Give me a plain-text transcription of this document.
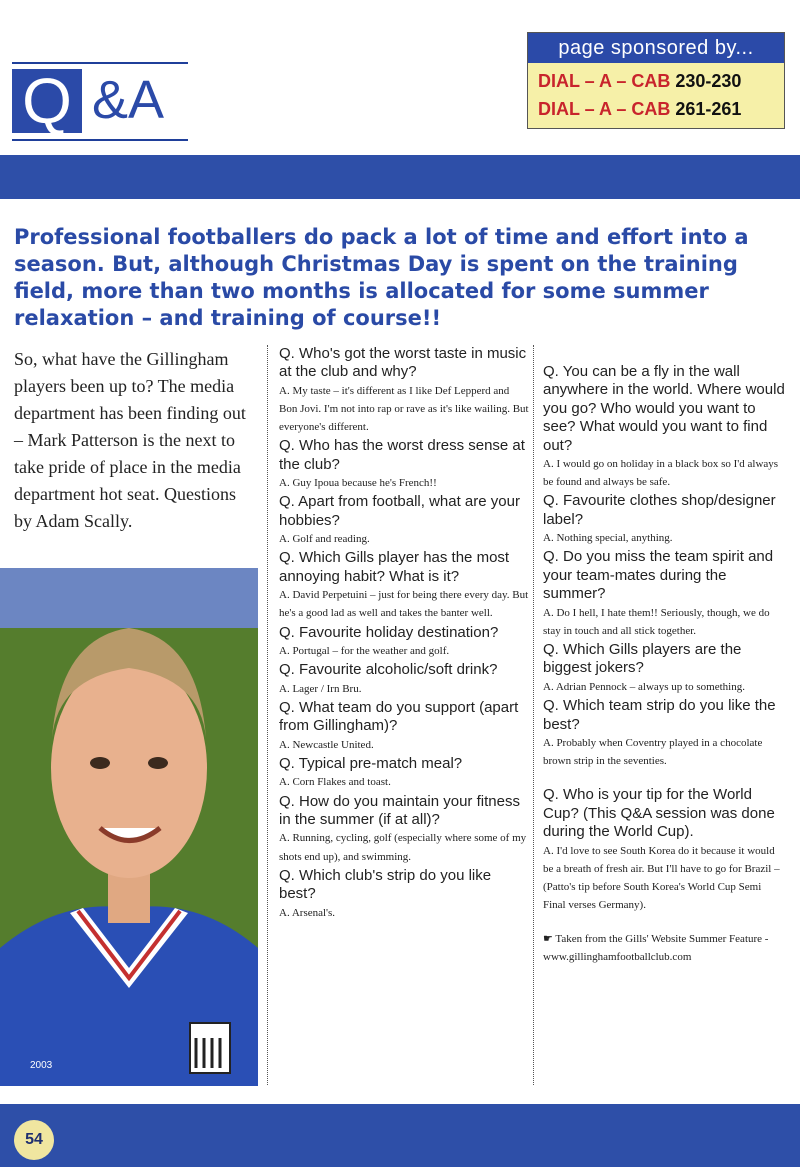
Q &A
page sponsored by...
DIAL – A – CAB 230-230
DIAL – A – CAB 261-261
Professional footballers do pack a lot of time and effort into a season. But, although Christmas Day is spent on the training field, more than two months is allocated for some summer relaxation – and training of course!!
So, what have the Gillingham players been up to? The media department has been finding out – Mark Patterson is the next to take pride of place in the media department hot seat. Questions by Adam Scally.
2003
Q. Who's got the worst taste in music at the club and why?
A. My taste – it's different as I like Def Lepperd and Bon Jovi. I'm not into rap or rave as it's like wailing. But everyone's different.
Q. Who has the worst dress sense at the club?
A. Guy Ipoua because he's French!!
Q. Apart from football, what are your hobbies?
A. Golf and reading.
Q. Which Gills player has the most annoying habit? What is it?
A. David Perpetuini – just for being there every day. But he's a good lad as well and takes the banter well.
Q. Favourite holiday destination?
A. Portugal – for the weather and golf.
Q. Favourite alcoholic/soft drink?
A. Lager / Irn Bru.
Q. What team do you support (apart from Gillingham)?
A. Newcastle United.
Q. Typical pre-match meal?
A. Corn Flakes and toast.
Q. How do you maintain your fitness in the summer (if at all)?
A. Running, cycling, golf (especially where some of my shots end up), and swimming.
Q. Which club's strip do you like best?
A. Arsenal's.
Q. You can be a fly in the wall anywhere in the world. Where would you go? Who would you want to see? What would you want to find out?
A. I would go on holiday in a black box so I'd always be found and always be safe.
Q. Favourite clothes shop/designer label?
A. Nothing special, anything.
Q. Do you miss the team spirit and your team-mates during the summer?
A. Do I hell, I hate them!! Seriously, though, we do stay in touch and all stick together.
Q. Which Gills players are the biggest jokers?
A. Adrian Pennock – always up to something.
Q. Which team strip do you like the best?
A. Probably when Coventry played in a chocolate brown strip in the seventies.
Q. Who is your tip for the World Cup? (This Q&A session was done during the World Cup).
A. I'd love to see South Korea do it because it would be a breath of fresh air. But I'll have to go for Brazil – (Patto's tip before South Korea's World Cup Semi Final verses Germany).
☛ Taken from the Gills' Website Summer Feature - www.gillinghamfootballclub.com
54
